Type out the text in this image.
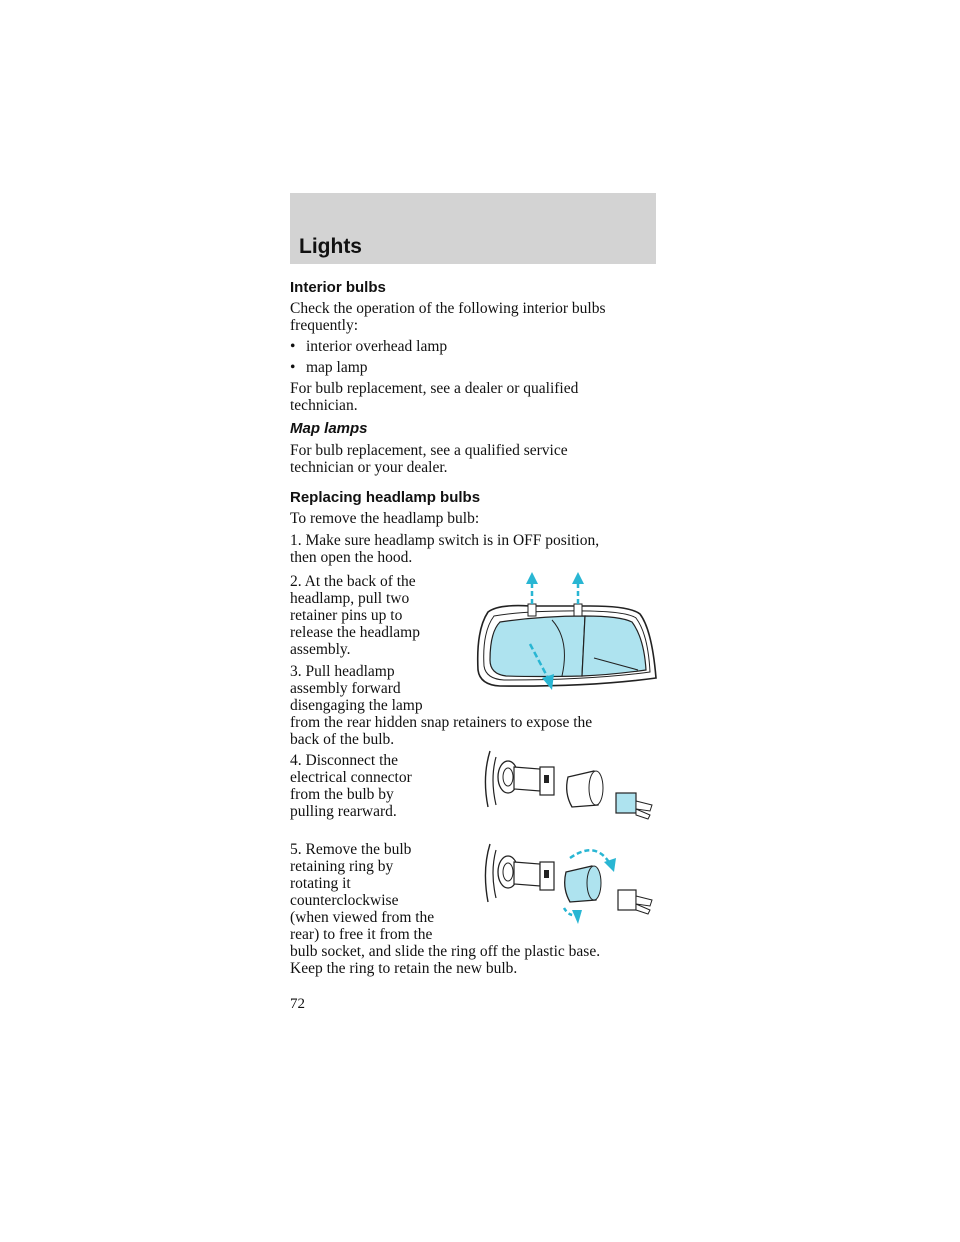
Lights
Interior bulbs

Check the operation of the following interior bulbs

frequently:

• interior overhead lamp
• map lamp

For bulb replacement, see a dealer or qualified

technician.

Map lamps

For bulb replacement, see a qualified service

technician or your dealer.

Replacing headlamp bulbs

To remove the headlamp bulb:

1. Make sure headlamp switch is in OFF position,

then open the hood.

2. At the back of the

headlamp, pull two

retainer pins up to

release the headlamp

assembly.

3. Pull headlamp

assembly forward

disengaging the lamp

from the rear hidden snap retainers to expose the

back of the bulb.

4. Disconnect the

electrical connector

from the bulb by

pulling rearward.

5. Remove the bulb

retaining ring by

rotating it

counterclockwise

(when viewed from the

rear) to free it from the

bulb socket, and slide the ring off the plastic base.

Keep the ring to retain the new bulb.

72
